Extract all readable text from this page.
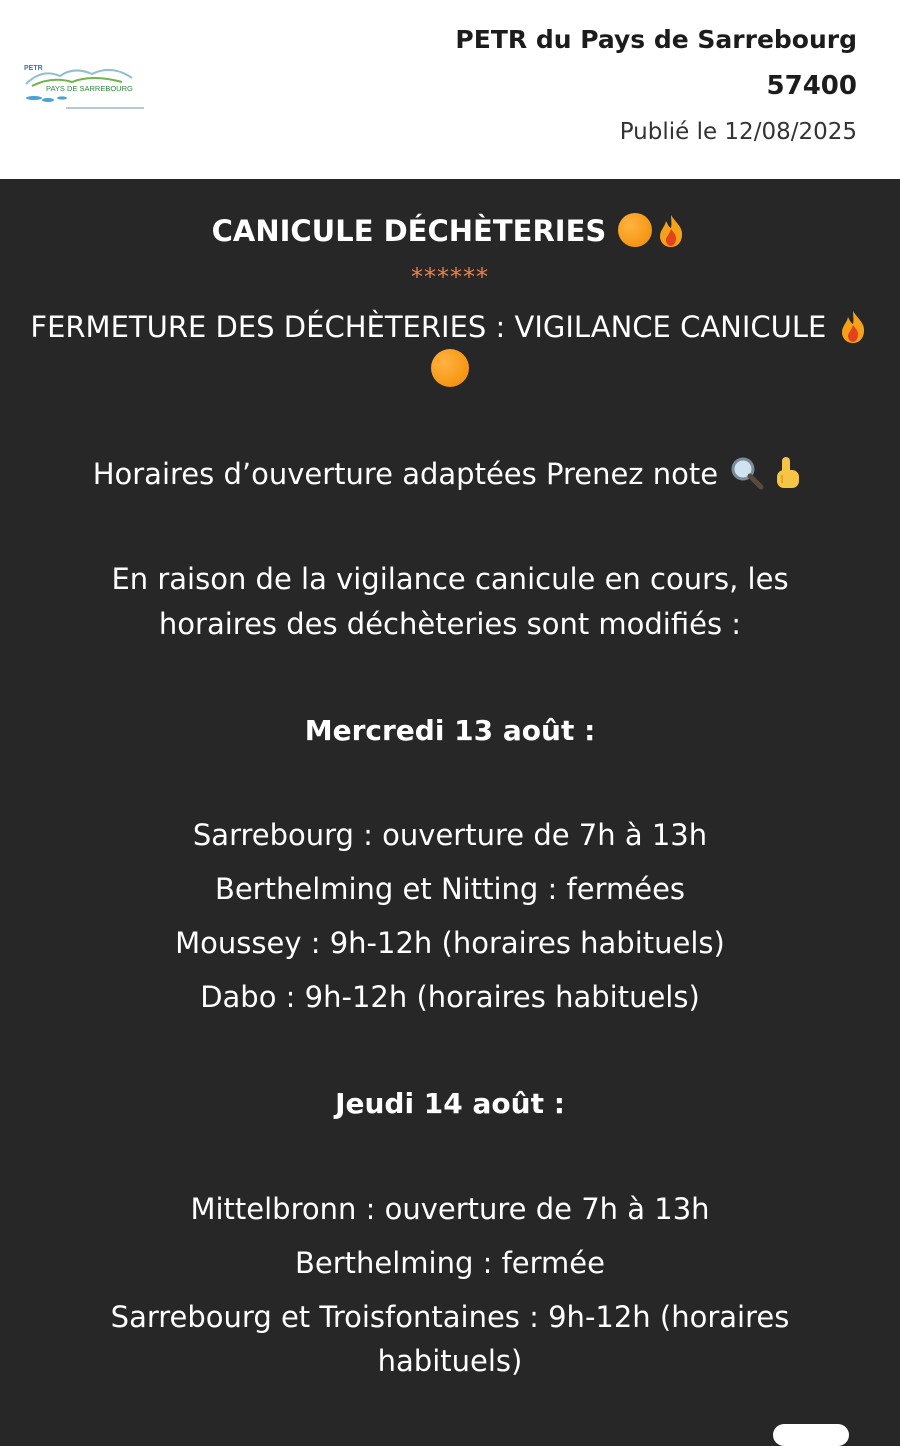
PETR
PAYS DE SARREBOURG
PETR du Pays de Sarrebourg
57400
Publié le 12/08/2025
CANICULE DÉCHÈTERIES
******
FERMETURE DES DÉCHÈTERIES : VIGILANCE CANICULE

Horaires d’ouverture adaptées Prenez note
En raison de la vigilance canicule en cours, les
horaires des déchèteries sont modifiés :
Mercredi 13 août :
Sarrebourg : ouverture de 7h à 13h
Berthelming et Nitting : fermées
Moussey : 9h-12h (horaires habituels)
Dabo : 9h-12h (horaires habituels)
Jeudi 14 août :
Mittelbronn : ouverture de 7h à 13h
Berthelming : fermée
Sarrebourg et Troisfontaines : 9h-12h (horaires
habituels)
